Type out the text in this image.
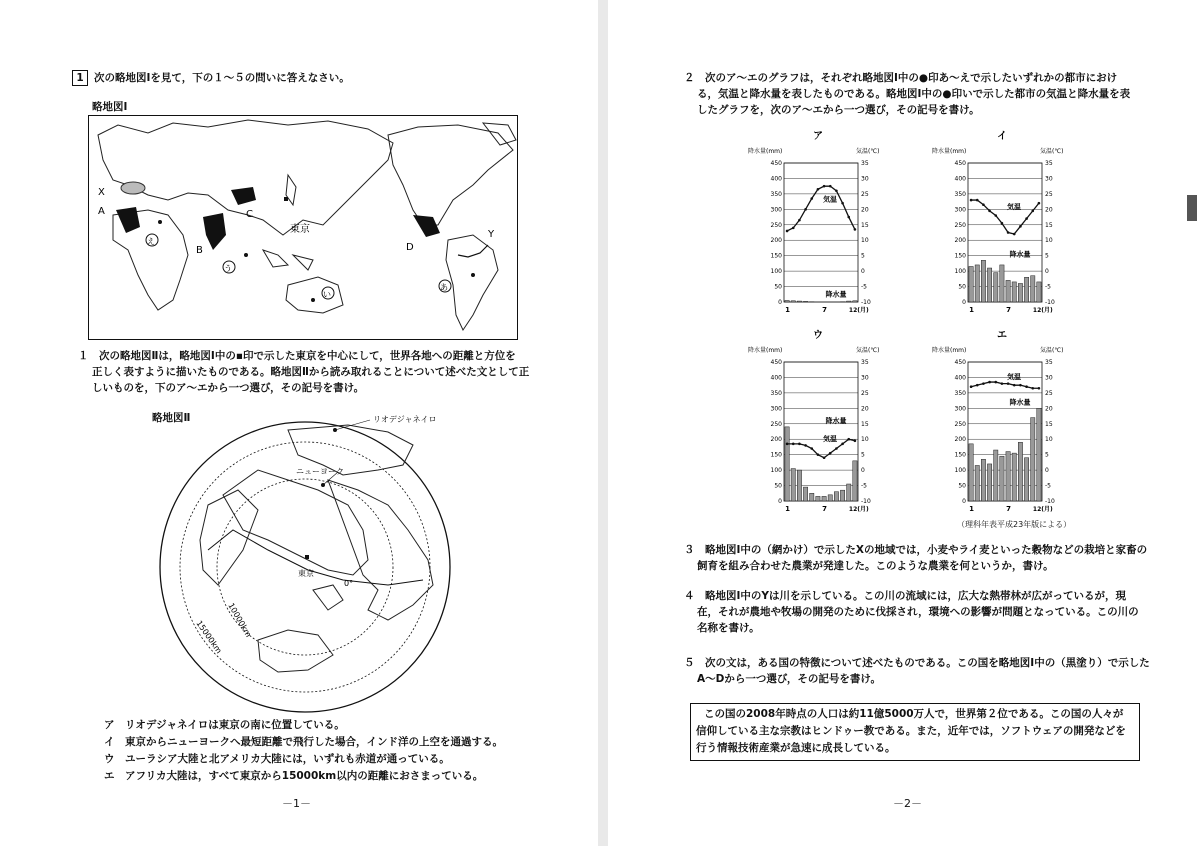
1 次の略地図Ⅰを見て，下の１～５の問いに答えなさい。
略地図Ⅰ
X
A
B
C
D
Y
東京
え
う
い
あ
１　次の略地図Ⅱは，略地図Ⅰ中の▪印で示した東京を中心にして，世界各地への距離と方位を
正しく表すように描いたものである。略地図Ⅱから読み取れることについて述べた文として正
しいものを，下のア～エから一つ選び，その記号を書け。
略地図Ⅱ	リオデジャネイロ
ニューヨーク
東京
0°
10000km
15000km
ア　 リオデジャネイロは東京の南に位置している。
イ　 東京からニューヨークへ最短距離で飛行した場合，インド洋の上空を通過する。
ウ　 ユーラシア大陸と北アメリカ大陸には，いずれも赤道が通っている。
エ　 アフリカ大陸は，すべて東京から15000km以内の距離におさまっている。
－1－
２　次のア～エのグラフは，それぞれ略地図Ⅰ中の●印あ～えで示したいずれかの都市におけ
る，気温と降水量を表したものである。略地図Ⅰ中の●印いで示した都市の気温と降水量を表
したグラフを，次のア～エから一つ選び，その記号を書け。
ア
降水量(mm)	気温(℃)
450	35
400	30
350	25
300	20
250	15
200	10
150	5
100	0
50	-5
0	-10
1	7	12(月)
気温
降水量
イ
降水量(mm)	気温(℃)
450	35
400	30
350	25
300	20
250	15
200	10
150	5
100	0
50	-5
0	-10
1	7	12(月)
気温
降水量
ウ
降水量(mm)	気温(℃)
450	35
400	30
350	25
300	20
250	15
200	10
150	5
100	0
50	-5
0	-10
1	7	12(月)
気温
降水量
エ
降水量(mm)	気温(℃)
450	35
400	30
350	25
300	20
250	15
200	10
150	5
100	0
50	-5
0	-10
1	7	12(月)
気温
降水量
（理科年表平成23年版による）
３　略地図Ⅰ中の（網かけ）で示したXの地域では，小麦やライ麦といった穀物などの栽培と家畜の
飼育を組み合わせた農業が発達した。このような農業を何というか，書け。
４　略地図Ⅰ中のYは川を示している。この川の流域には，広大な熱帯林が広がっているが，現
在，それが農地や牧場の開発のために伐採され，環境への影響が問題となっている。この川の
名称を書け。
５　次の文は，ある国の特徴について述べたものである。この国を略地図Ⅰ中の（黒塗り）で示した
A～Dから一つ選び，その記号を書け。
この国の2008年時点の人口は約11億5000万人で，世界第２位である。この国の人々が
信仰している主な宗教はヒンドゥー教である。また，近年では，ソフトウェアの開発などを
行う情報技術産業が急速に成長している。
－2－
